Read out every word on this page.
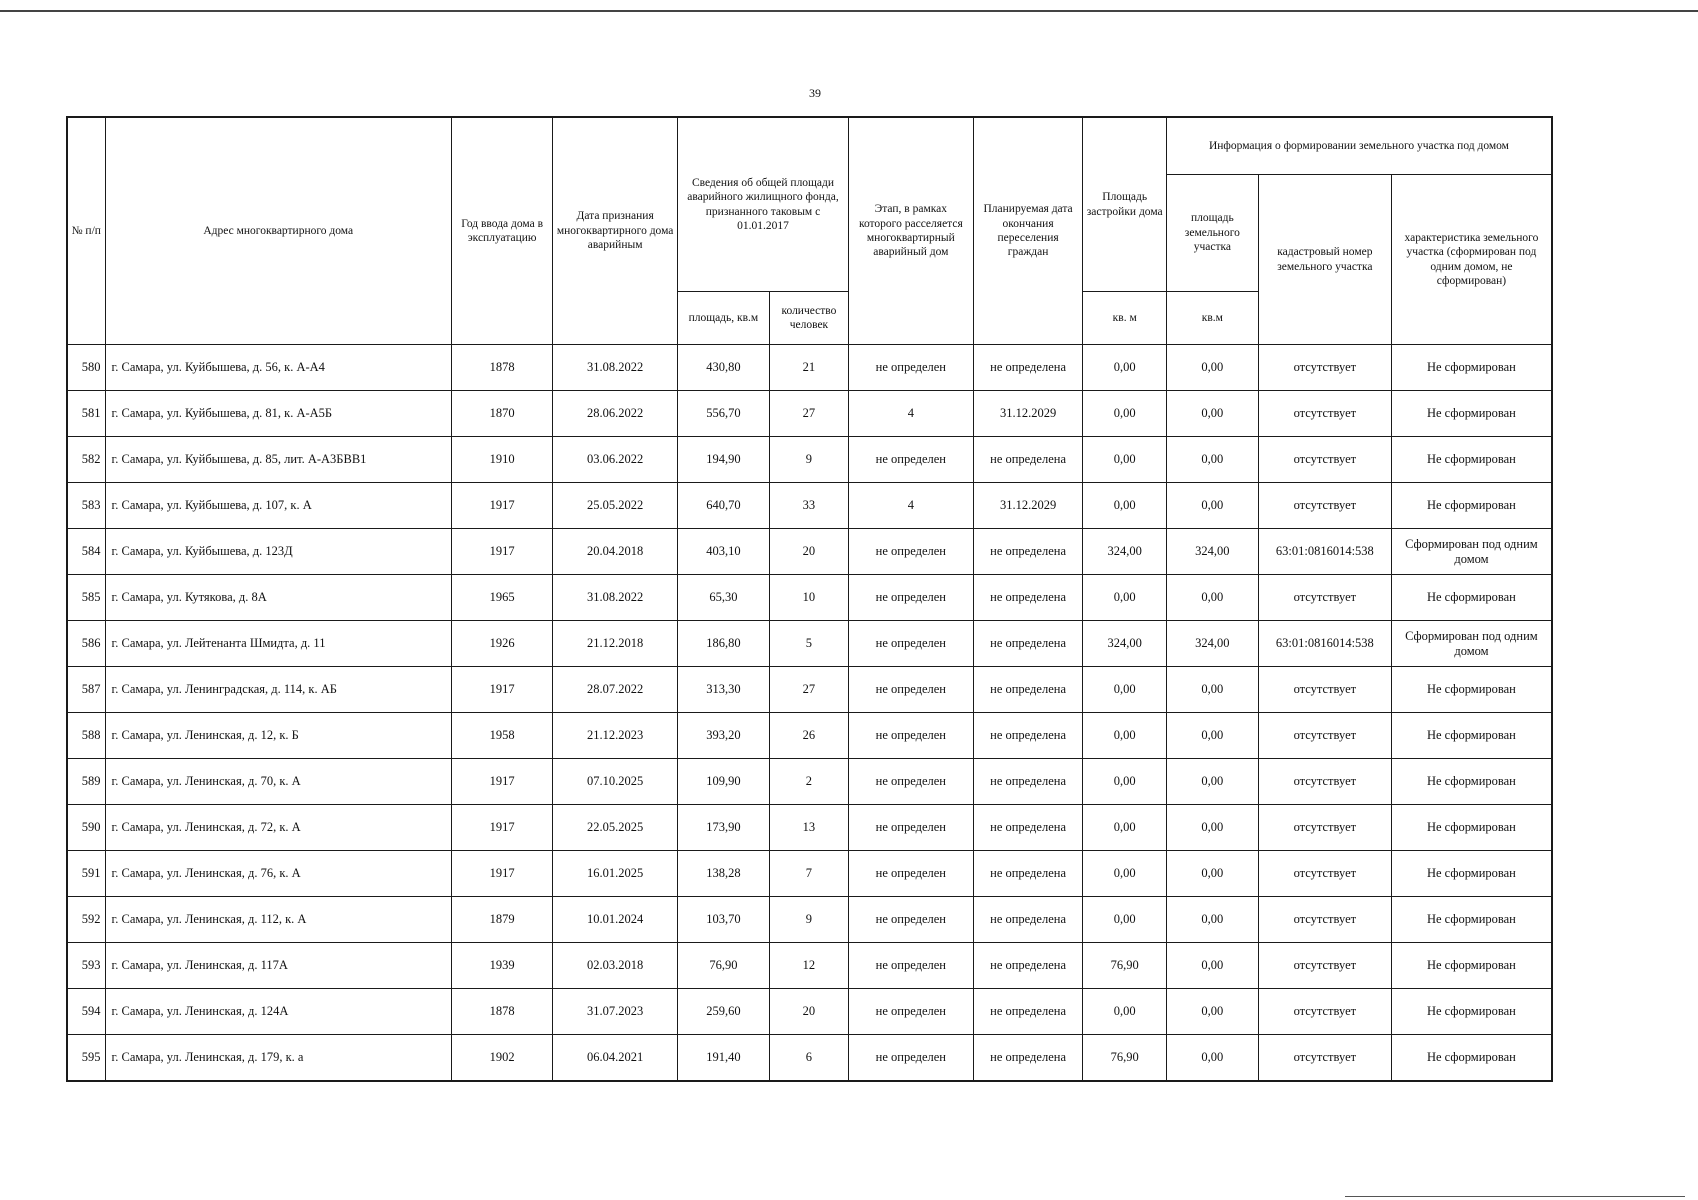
39
№ п/п	Адрес многоквартирного дома	Год ввода дома в эксплуатацию	Дата признания многоквартирного дома аварийным	Сведения об общей площади аварийного жилищного фонда, признанного таковым с 01.01.2017		Этап, в рамках которого расселяется многоквартирный аварийный дом	Планируемая дата окончания переселения граждан	Площадь застройки дома	Информация о формировании земельного участка под домом		
									площадь земельного участка	кадастровый номер земельного участка	характеристика земельного участка (сформирован под одним домом, не сформирован)
				площадь, кв.м	количество человек			кв. м	кв.м		
580	г. Самара, ул. Куйбышева, д. 56, к. А-А4	1878	31.08.2022	430,80	21	не определен	не определена	0,00	0,00	отсутствует	Не сформирован
581	г. Самара, ул. Куйбышева, д. 81, к. А-А5Б	1870	28.06.2022	556,70	27	4	31.12.2029	0,00	0,00	отсутствует	Не сформирован
582	г. Самара, ул. Куйбышева, д. 85, лит. А-А3БВВ1	1910	03.06.2022	194,90	9	не определен	не определена	0,00	0,00	отсутствует	Не сформирован
583	г. Самара, ул. Куйбышева, д. 107, к. А	1917	25.05.2022	640,70	33	4	31.12.2029	0,00	0,00	отсутствует	Не сформирован
584	г. Самара, ул. Куйбышева, д. 123Д	1917	20.04.2018	403,10	20	не определен	не определена	324,00	324,00	63:01:0816014:538	Сформирован под одним домом
585	г. Самара, ул. Кутякова, д. 8А	1965	31.08.2022	65,30	10	не определен	не определена	0,00	0,00	отсутствует	Не сформирован
586	г. Самара, ул. Лейтенанта Шмидта, д. 11	1926	21.12.2018	186,80	5	не определен	не определена	324,00	324,00	63:01:0816014:538	Сформирован под одним домом
587	г. Самара, ул. Ленинградская, д. 114, к. АБ	1917	28.07.2022	313,30	27	не определен	не определена	0,00	0,00	отсутствует	Не сформирован
588	г. Самара, ул. Ленинская, д. 12, к. Б	1958	21.12.2023	393,20	26	не определен	не определена	0,00	0,00	отсутствует	Не сформирован
589	г. Самара, ул. Ленинская, д. 70, к. А	1917	07.10.2025	109,90	2	не определен	не определена	0,00	0,00	отсутствует	Не сформирован
590	г. Самара, ул. Ленинская, д. 72, к. А	1917	22.05.2025	173,90	13	не определен	не определена	0,00	0,00	отсутствует	Не сформирован
591	г. Самара, ул. Ленинская, д. 76, к. А	1917	16.01.2025	138,28	7	не определен	не определена	0,00	0,00	отсутствует	Не сформирован
592	г. Самара, ул. Ленинская, д. 112, к. А	1879	10.01.2024	103,70	9	не определен	не определена	0,00	0,00	отсутствует	Не сформирован
593	г. Самара, ул. Ленинская, д. 117А	1939	02.03.2018	76,90	12	не определен	не определена	76,90	0,00	отсутствует	Не сформирован
594	г. Самара, ул. Ленинская, д. 124А	1878	31.07.2023	259,60	20	не определен	не определена	0,00	0,00	отсутствует	Не сформирован
595	г. Самара, ул. Ленинская, д. 179, к. а	1902	06.04.2021	191,40	6	не определен	не определена	76,90	0,00	отсутствует	Не сформирован
